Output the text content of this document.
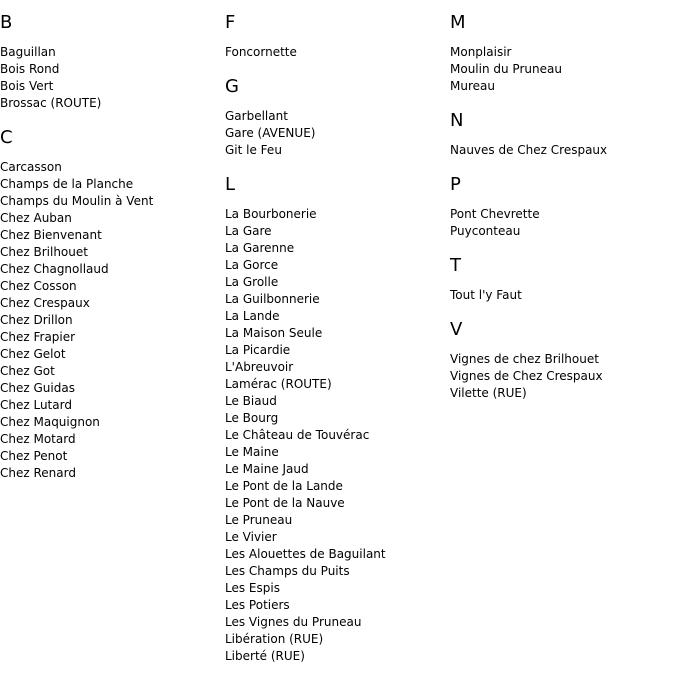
B
Baguillan
Bois Rond
Bois Vert
Brossac (ROUTE)
C
Carcasson
Champs de la Planche
Champs du Moulin à Vent
Chez Auban
Chez Bienvenant
Chez Brilhouet
Chez Chagnollaud
Chez Cosson
Chez Crespaux
Chez Drillon
Chez Frapier
Chez Gelot
Chez Got
Chez Guidas
Chez Lutard
Chez Maquignon
Chez Motard
Chez Penot
Chez Renard
F
Foncornette
G
Garbellant
Gare (AVENUE)
Git le Feu
L
La Bourbonerie
La Gare
La Garenne
La Gorce
La Grolle
La Guilbonnerie
La Lande
La Maison Seule
La Picardie
L'Abreuvoir
Lamérac (ROUTE)
Le Biaud
Le Bourg
Le Château de Touvérac
Le Maine
Le Maine Jaud
Le Pont de la Lande
Le Pont de la Nauve
Le Pruneau
Le Vivier
Les Alouettes de Baguilant
Les Champs du Puits
Les Espis
Les Potiers
Les Vignes du Pruneau
Libération (RUE)
Liberté (RUE)
M
Monplaisir
Moulin du Pruneau
Mureau
N
Nauves de Chez Crespaux
P
Pont Chevrette
Puyconteau
T
Tout l'y Faut
V
Vignes de chez Brilhouet
Vignes de Chez Crespaux
Vilette (RUE)
